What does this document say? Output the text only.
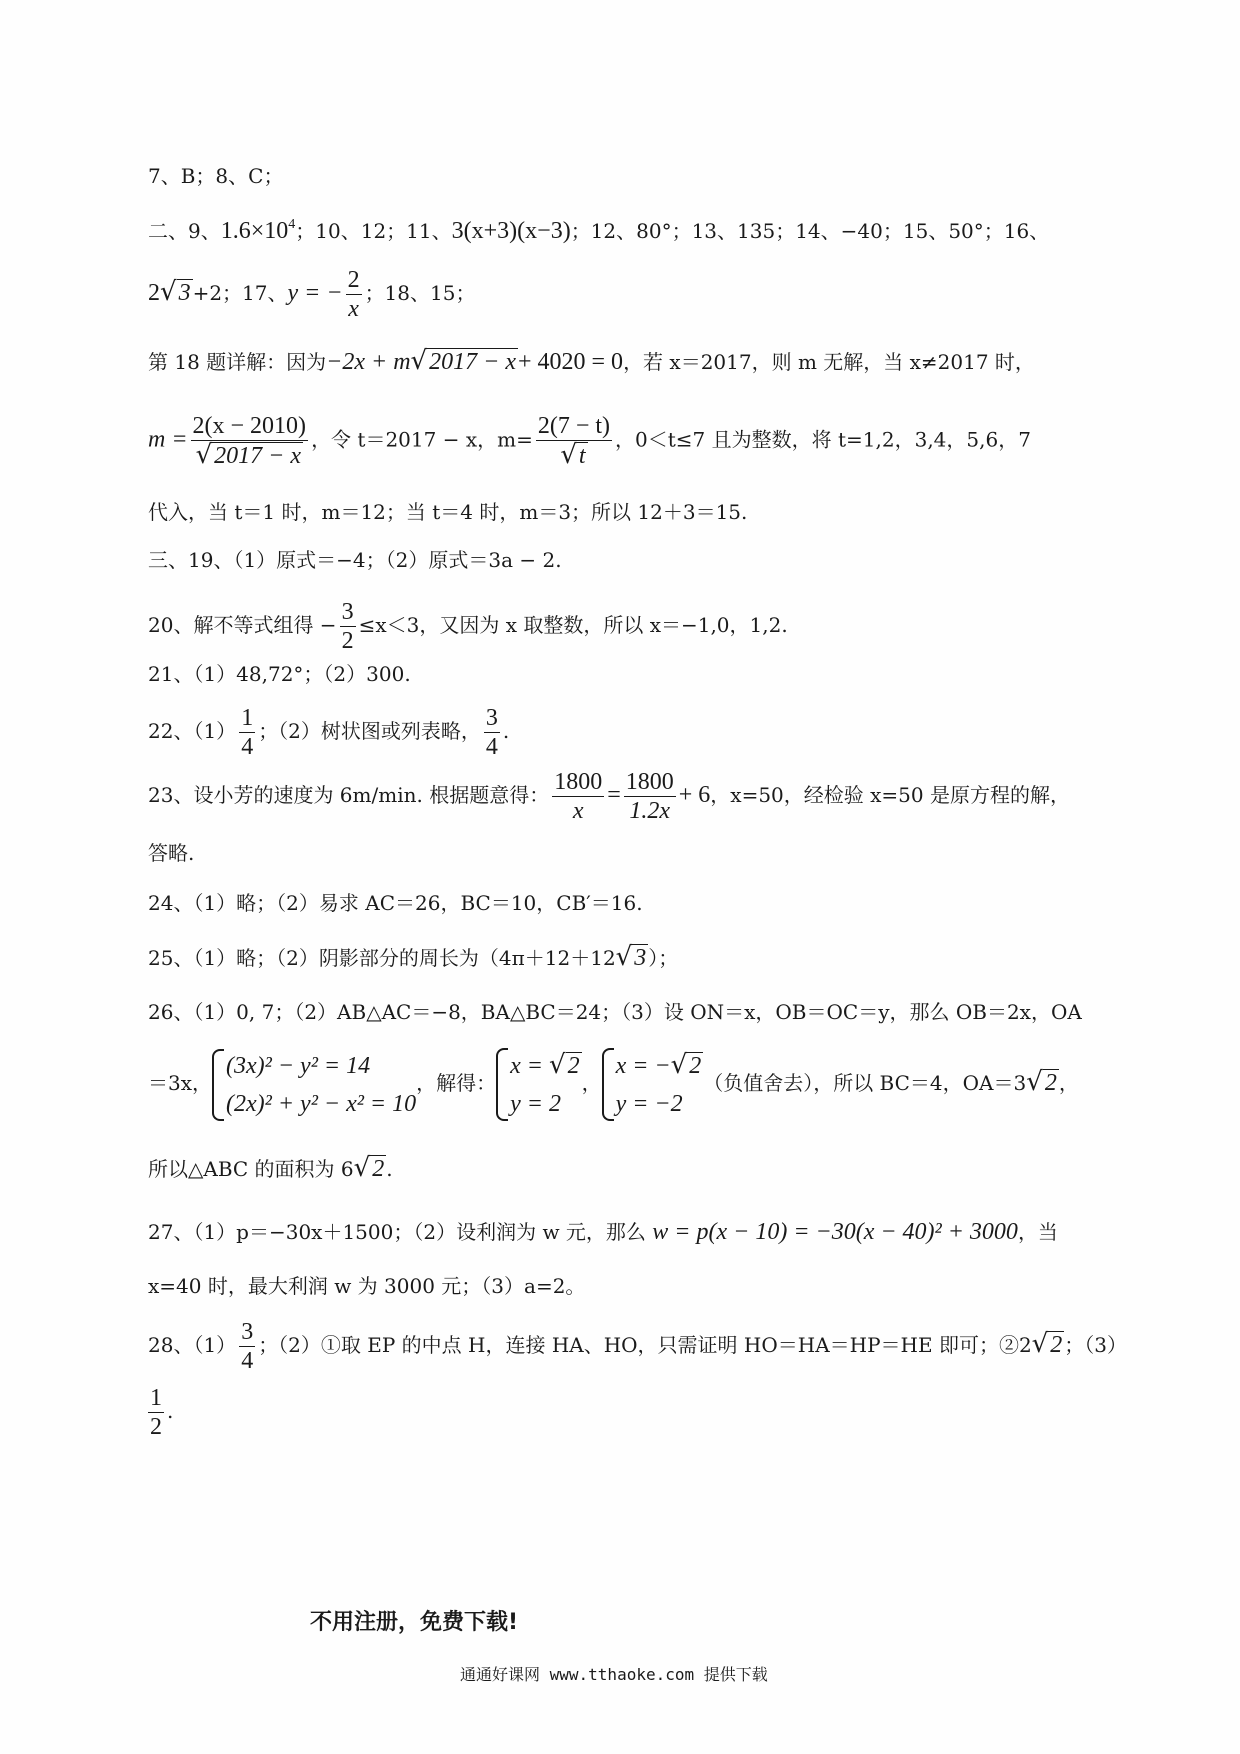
7、B；8、C；
二、9、$1.6\times 10^4$；10、12；11、3(x+3)(x−3)；12、80°；13、135；14、−40；15、50°；16、
2√3 +2；17、y = − $\frac{2}{x}$ ；18、15；
第 18 题详解：因为−2x + m√2017 − x+ 4020 = 0，若 x＝2017，则 m 无解，当 x≠2017 时，
$m = \frac{2(x - 2010)}{√2017 - x}$ ，令 t＝2017 − x，$m= \frac{2(7 - t)}{√t}$ ，0＜t≤7 且为整数，将 t=1,2，3,4，5,6，7
代入，当 t＝1 时，m＝12；当 t＝4 时，m＝3；所以 12＋3＝15.
三、19、（1）原式＝−4；（2）原式＝3a − 2.
20、解不等式组得 − $\frac{3}{2} \le x<3$，又因为 x 取整数，所以 x＝−1,0，1,2.
21、（1）48,72°；（2）300.
22、$(1) \frac{1}{4}$ ；（2）树状图或列表略， $\frac{3}{4}$ .
23、设小芳的速度为 6m/min. 根据题意得： $\frac{1800}{x} = \frac{1800}{1.2x} + 6$，x=50，经检验 x=50 是原方程的解，
答略.
24、（1）略；（2）易求 AC＝26，BC＝10，CB′＝16.
25、（1）略；（2）阴影部分的周长为（4π＋12＋12√3 ）；
26、（1）0, 7；（2）AB△AC＝−8，BA△BC＝24；（3）设 ON＝x，OB＝OC＝y，那么 OB＝2x，OA
＝3x，
(3x)² − y² = 14
(2x)² + y² − x² = 10
，解得：
x = √2
y = 2
，
x = −√2
y = −2
（负值舍去），所以 BC＝4，OA＝3√2 ，
所以△ABC 的面积为 6√2 .
27、（1）p＝−30x＋1500；（2）设利润为 w 元，那么 w = p(x − 10) = −30(x − 40)² + 3000，当
x=40 时，最大利润 w 为 3000 元；（3）a=2。
28、$(1) \frac{3}{4}$ ；（2）①取 EP 的中点 H，连接 HA、HO，只需证明 HO＝HA＝HP＝HE 即可；②2√2 ；（3）
$\frac{1}{2}$ .
不用注册，免费下载!
通通好课网 www.tthaoke.com 提供下载
